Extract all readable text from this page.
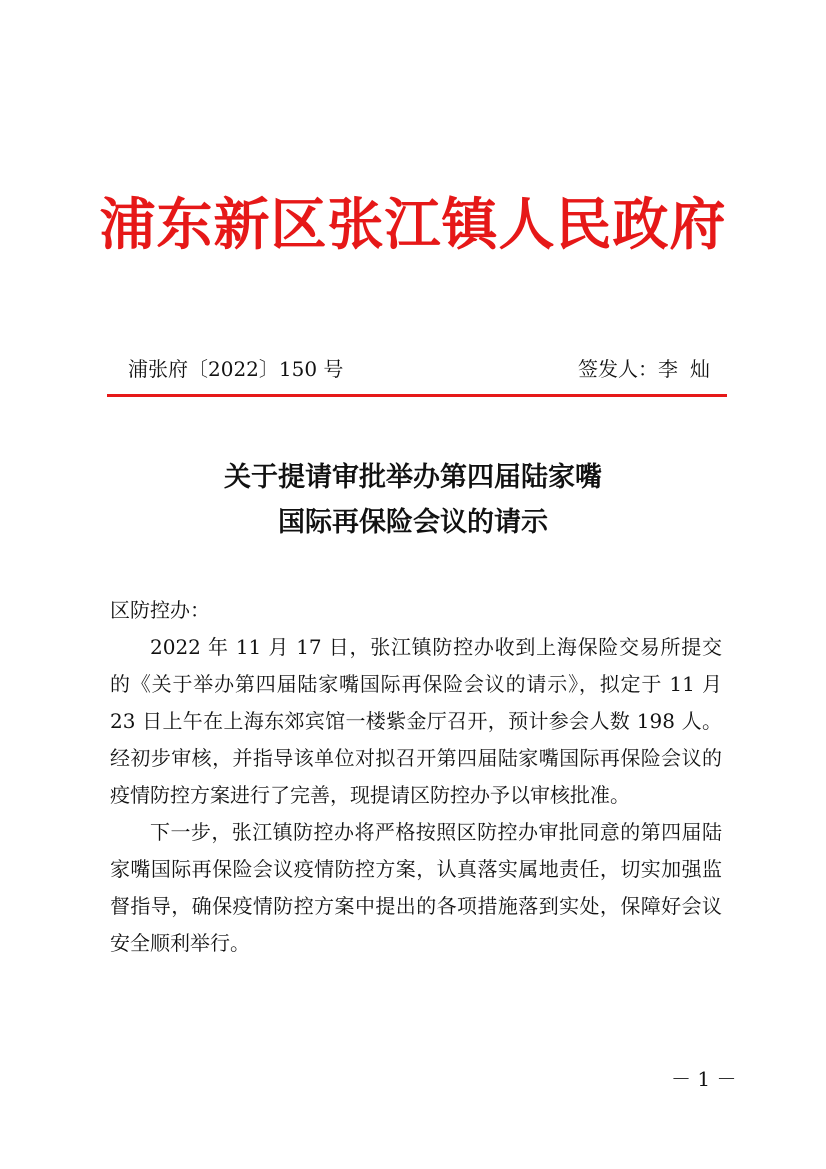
浦东新区张江镇人民政府
浦张府〔2022〕150 号	签发人：李灿
关于提请审批举办第四届陆家嘴
国际再保险会议的请示

区防控办：

2022 年 11 月 17 日，张江镇防控办收到上海保险交易所提交的《关于举办第四届陆家嘴国际再保险会议的请示》，拟定于 11 月 23 日上午在上海东郊宾馆一楼紫金厅召开，预计参会人数 198 人。经初步审核，并指导该单位对拟召开第四届陆家嘴国际再保险会议的疫情防控方案进行了完善，现提请区防控办予以审核批准。

下一步，张江镇防控办将严格按照区防控办审批同意的第四届陆家嘴国际再保险会议疫情防控方案，认真落实属地责任，切实加强监督指导，确保疫情防控方案中提出的各项措施落到实处，保障好会议安全顺利举行。

－ 1 －
